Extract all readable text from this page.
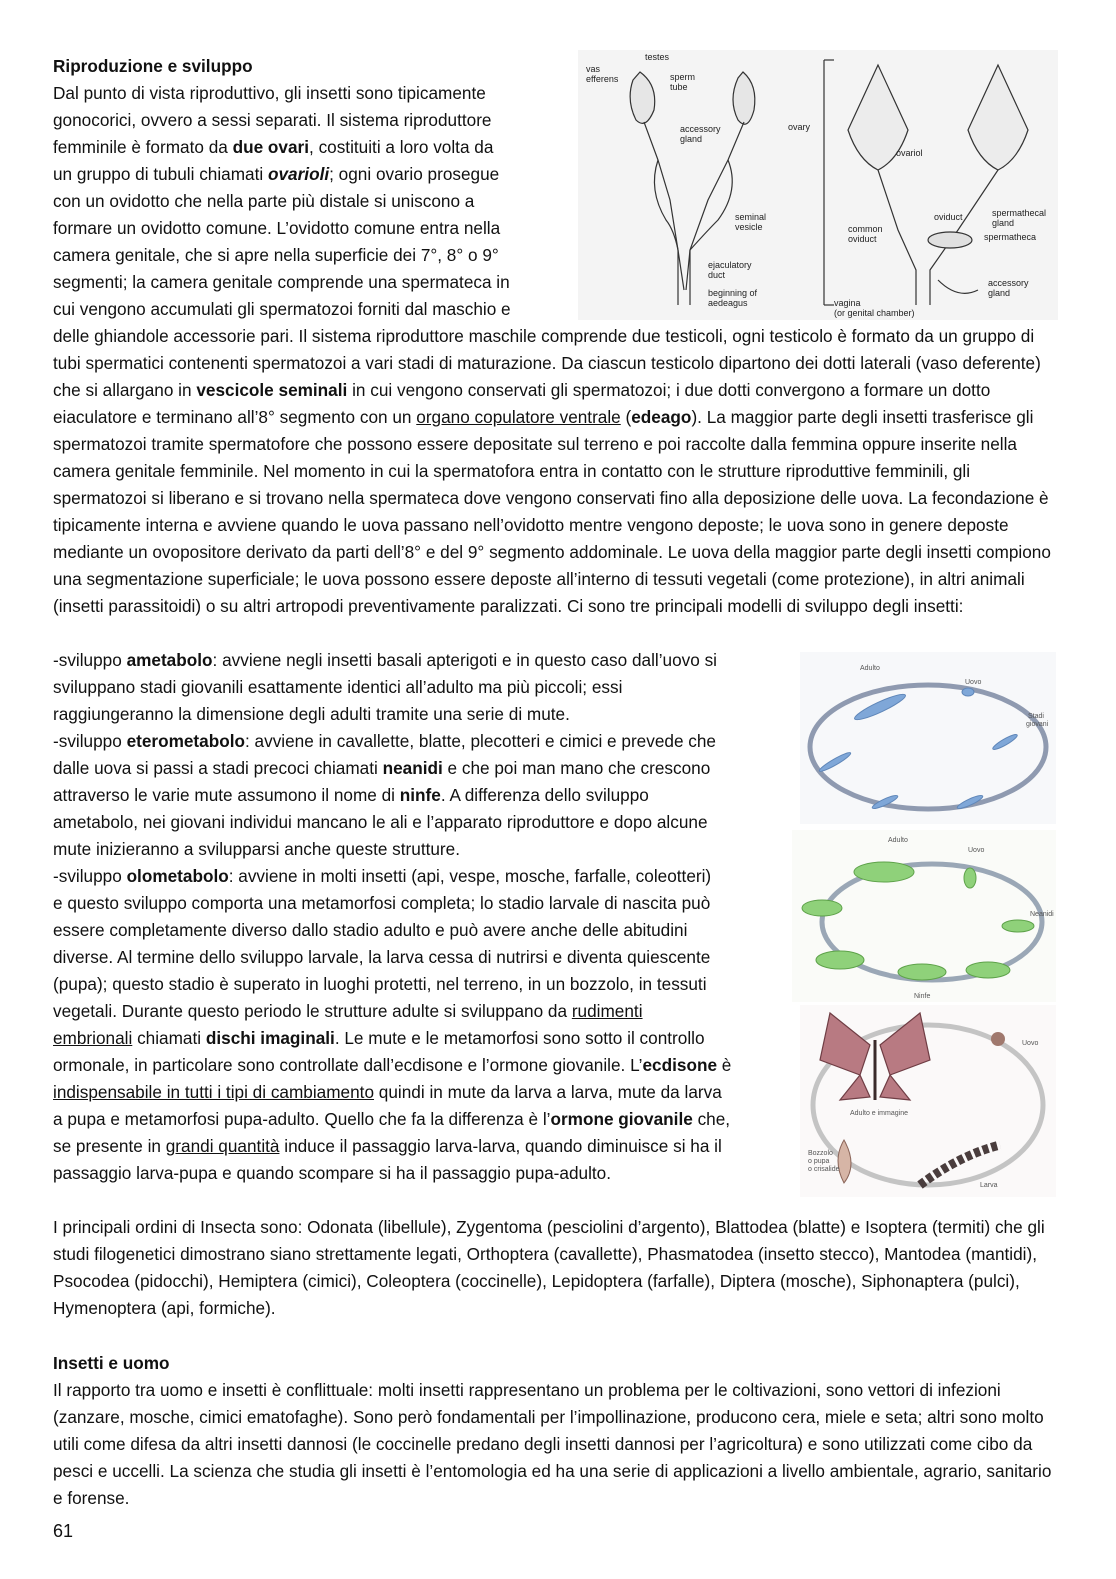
Riproduzione e sviluppo
Dal punto di vista riproduttivo, gli insetti sono tipicamente
gonocorici, ovvero a sessi separati. Il sistema riproduttore
femminile è formato da due ovari, costituiti a loro volta da
un gruppo di tubuli chiamati ovarioli; ogni ovario prosegue
con un ovidotto che nella parte più distale si uniscono a
formare un ovidotto comune. L’ovidotto comune entra nella
camera genitale, che si apre nella superficie dei 7°, 8° o 9°
segmenti; la camera genitale comprende una spermateca in
cui vengono accumulati gli spermatozoi forniti dal maschio e
delle ghiandole accessorie pari. Il sistema riproduttore maschile comprende due testicoli, ogni testicolo è formato da un gruppo di tubi spermatici contenenti spermatozoi a vari stadi di maturazione. Da ciascun testicolo dipartono dei dotti laterali (vaso deferente) che si allargano in vescicole seminali in cui vengono conservati gli spermatozoi; i due dotti convergono a formare un dotto eiaculatore e terminano all’8° segmento con un organo copulatore ventrale (edeago). La maggior parte degli insetti trasferisce gli spermatozoi tramite spermatofore che possono essere depositate sul terreno e poi raccolte dalla femmina oppure inserite nella camera genitale femminile. Nel momento in cui la spermatofora entra in contatto con le strutture riproduttive femminili, gli spermatozoi si liberano e si trovano nella spermateca dove vengono conservati fino alla deposizione delle uova. La fecondazione è tipicamente interna e avviene quando le uova passano nell’ovidotto mentre vengono deposte; le uova sono in genere deposte mediante un ovopositore derivato da parti dell’8° e del 9° segmento addominale. Le uova della maggior parte degli insetti compiono una segmentazione superficiale; le uova possono essere deposte all’interno di tessuti vegetali (come protezione), in altri animali (insetti parassitoidi) o su altri artropodi preventivamente paralizzati. Ci sono tre principali modelli di sviluppo degli insetti:
-sviluppo ametabolo: avviene negli insetti basali apterigoti e in questo caso dall’uovo si
sviluppano stadi giovanili esattamente identici all’adulto ma più piccoli; essi
raggiungeranno la dimensione degli adulti tramite una serie di mute.
-sviluppo eterometabolo: avviene in cavallette, blatte, plecotteri e cimici e prevede che
dalle uova si passi a stadi precoci chiamati neanidi e che poi man mano che crescono
attraverso le varie mute assumono il nome di ninfe. A differenza dello sviluppo
ametabolo, nei giovani individui mancano le ali e l’apparato riproduttore e dopo alcune
mute inizieranno a svilupparsi anche queste strutture.
-sviluppo olometabolo: avviene in molti insetti (api, vespe, mosche, farfalle, coleotteri)
e questo sviluppo comporta una metamorfosi completa; lo stadio larvale di nascita può
essere completamente diverso dallo stadio adulto e può avere anche delle abitudini
diverse. Al termine dello sviluppo larvale, la larva cessa di nutrirsi e diventa quiescente
(pupa); questo stadio è superato in luoghi protetti, nel terreno, in un bozzolo, in tessuti
vegetali. Durante questo periodo le strutture adulte si sviluppano da rudimenti
embrionali chiamati dischi imaginali. Le mute e le metamorfosi sono sotto il controllo
ormonale, in particolare sono controllate dall’ecdisone e l’ormone giovanile. L’ecdisone è
indispensabile in tutti i tipi di cambiamento quindi in mute da larva a larva, mute da larva
a pupa e metamorfosi pupa-adulto. Quello che fa la differenza è l’ormone giovanile che,
se presente in grandi quantità induce il passaggio larva-larva, quando diminuisce si ha il
passaggio larva-pupa e quando scompare si ha il passaggio pupa-adulto.
I principali ordini di Insecta sono: Odonata (libellule), Zygentoma (pesciolini d’argento), Blattodea (blatte) e Isoptera (termiti) che gli studi filogenetici dimostrano siano strettamente legati, Orthoptera (cavallette), Phasmatodea (insetto stecco), Mantodea (mantidi), Psocodea (pidocchi), Hemiptera (cimici), Coleoptera (coccinelle), Lepidoptera (farfalle), Diptera (mosche), Siphonaptera (pulci), Hymenoptera (api, formiche).
Insetti e uomo
Il rapporto tra uomo e insetti è conflittuale: molti insetti rappresentano un problema per le coltivazioni, sono vettori di infezioni (zanzare, mosche, cimici ematofaghe). Sono però fondamentali per l’impollinazione, producono cera, miele e seta; altri sono molto utili come difesa da altri insetti dannosi (le coccinelle predano degli insetti dannosi per l’agricoltura) e sono utilizzati come cibo da pesci e uccelli. La scienza che studia gli insetti è l’entomologia ed ha una serie di applicazioni a livello ambientale, agrario, sanitario e forense.
61
testes
vas
efferens	sperm
tube
accessory
gland
seminal
vesicle
ejaculatory
duct
beginning of
aedeagus
ovary
ovariol
oviduct	spermathecal
gland
spermatheca
common
oviduct
accessory
gland
vagina
(or genital chamber)
Adulto
Uovo
Stadi
giovani
Adulto
Uovo
Neanidi
Ninfe
Uovo
Adulto e immagine
Bozzolo
o pupa
o crisalide
Larva
